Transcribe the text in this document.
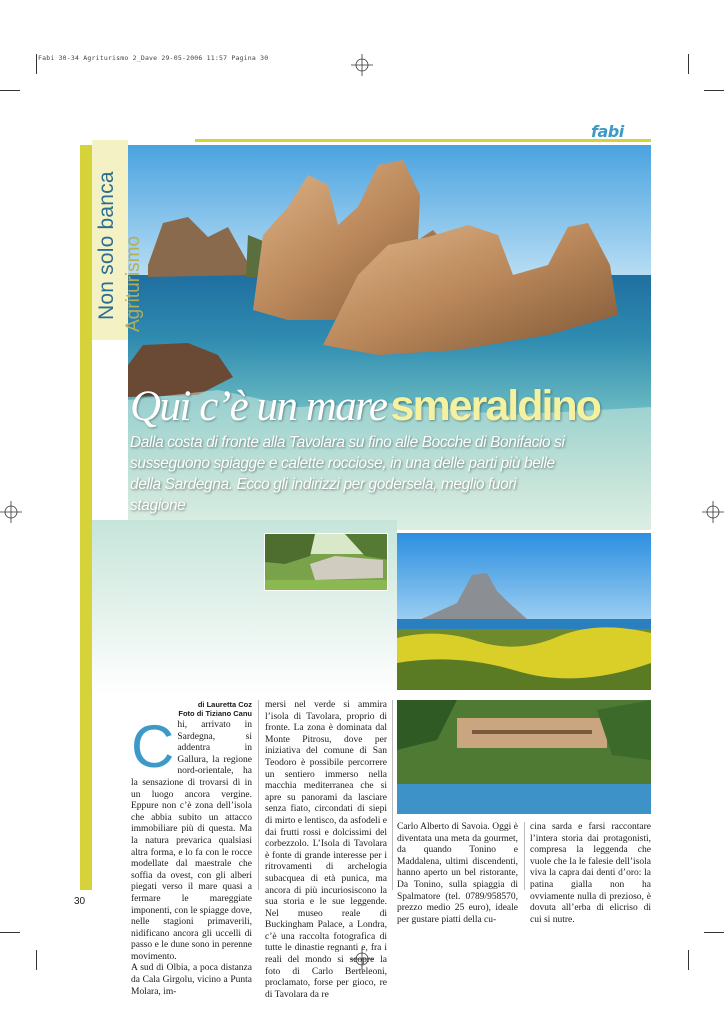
Fabi 30-34 Agriturismo 2_Dave 29-05-2006 11:57 Pagina 30
fabi
Non solo banca Agriturismo
Qui c’è un mare smeraldino
Dalla costa di fronte alla Tavolara su fino alle Bocche di Bonifacio si susseguono spiagge e calette rocciose, in una delle parti più belle della Sardegna. Ecco gli indirizzi per godersela, meglio fuori stagione
di Lauretta Coz
Foto di Tiziano Canu
C hi, arrivato in Sardegna, si addentra in Gallura, la regione nord-orientale, ha la sensazione di trovarsi di in un luogo ancora vergine. Eppure non c’è zona dell’isola che abbia subito un attacco immobiliare più di questa. Ma la natura prevarica qualsiasi altra forma, e lo fa con le rocce modellate dal maestrale che soffia da ovest, con gli alberi piegati verso il mare quasi a fermare le mareggiate imponenti, con le spiagge dove, nelle stagioni primaverili, nidificano ancora gli uccelli di passo e le dune sono in perenne movimento.

A sud di Olbia, a poca distanza da Cala Girgolu, vicino a Punta Molara, im-

mersi nel verde si ammira l’isola di Tavolara, proprio di fronte. La zona è dominata dal Monte Pitrosu, dove per iniziativa del comune di San Teodoro è possibile percorrere un sentiero immerso nella macchia mediterranea che si apre su panorami da lasciare senza fiato, circondati di siepi di mirto e lentisco, da asfodeli e dai frutti rossi e dolcissimi del corbezzolo. L’Isola di Tavolara è fonte di grande interesse per i ritrovamenti di archelogia subacquea di età punica, ma ancora di più incuriosiscono la sua storia e le sue leggende. Nel museo reale di Buckingham Palace, a Londra, c’è una raccolta fotografica di tutte le dinastie regnanti e, fra i reali del mondo si scopre la foto di Carlo Berteleoni, proclamato, forse per gioco, re di Tavolara da re

Carlo Alberto di Savoia. Oggi è diventata una meta da gourmet, da quando Tonino e Maddalena, ultimi discendenti, hanno aperto un bel ristorante, Da Tonino, sulla spiaggia di Spalmatore (tel. 0789/958570, prezzo medio 25 euro), ideale per gustare piatti della cu-

cina sarda e farsi raccontare l’intera storia dai protagonisti, compresa la leggenda che vuole che la le falesie dell’isola viva la capra dai denti d’oro: la patina gialla non ha ovviamente nulla di prezioso, è dovuta all’erba di elicriso di cui si nutre.

30
